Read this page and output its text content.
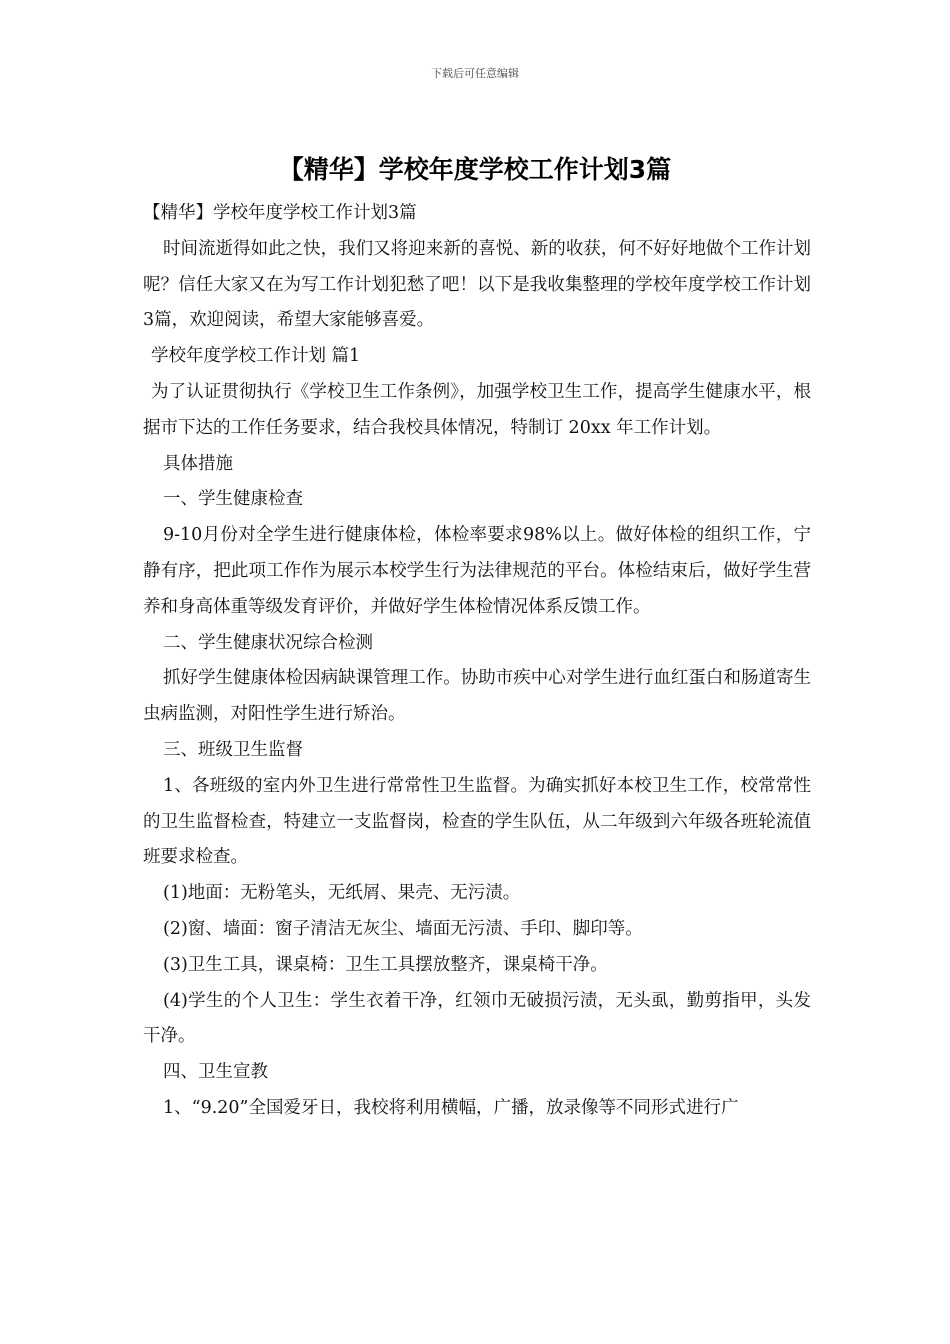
下载后可任意编辑
【精华】学校年度学校工作计划3篇

【精华】学校年度学校工作计划3篇

时间流逝得如此之快，我们又将迎来新的喜悦、新的收获，何不好好地做个工作计划呢？信任大家又在为写工作计划犯愁了吧！以下是我收集整理的学校年度学校工作计划3篇，欢迎阅读，希望大家能够喜爱。

学校年度学校工作计划 篇1

为了认证贯彻执行《学校卫生工作条例》，加强学校卫生工作，提高学生健康水平，根据市下达的工作任务要求，结合我校具体情况，特制订 20xx 年工作计划。

具体措施

一、学生健康检查

9-10月份对全学生进行健康体检，体检率要求98%以上。做好体检的组织工作，宁静有序，把此项工作作为展示本校学生行为法律规范的平台。体检结束后，做好学生营养和身高体重等级发育评价，并做好学生体检情况体系反馈工作。

二、学生健康状况综合检测

抓好学生健康体检因病缺课管理工作。协助市疾中心对学生进行血红蛋白和肠道寄生虫病监测，对阳性学生进行矫治。

三、班级卫生监督

1、各班级的室内外卫生进行常常性卫生监督。为确实抓好本校卫生工作，校常常性的卫生监督检查，特建立一支监督岗，检查的学生队伍，从二年级到六年级各班轮流值班要求检查。

(1)地面：无粉笔头，无纸屑、果壳、无污渍。

(2)窗、墙面：窗子清洁无灰尘、墙面无污渍、手印、脚印等。

(3)卫生工具，课桌椅：卫生工具摆放整齐，课桌椅干净。

(4)学生的个人卫生：学生衣着干净，红领巾无破损污渍，无头虱，勤剪指甲，头发干净。

四、卫生宣教

1、“9.20”全国爱牙日，我校将利用横幅，广播，放录像等不同形式进行广
